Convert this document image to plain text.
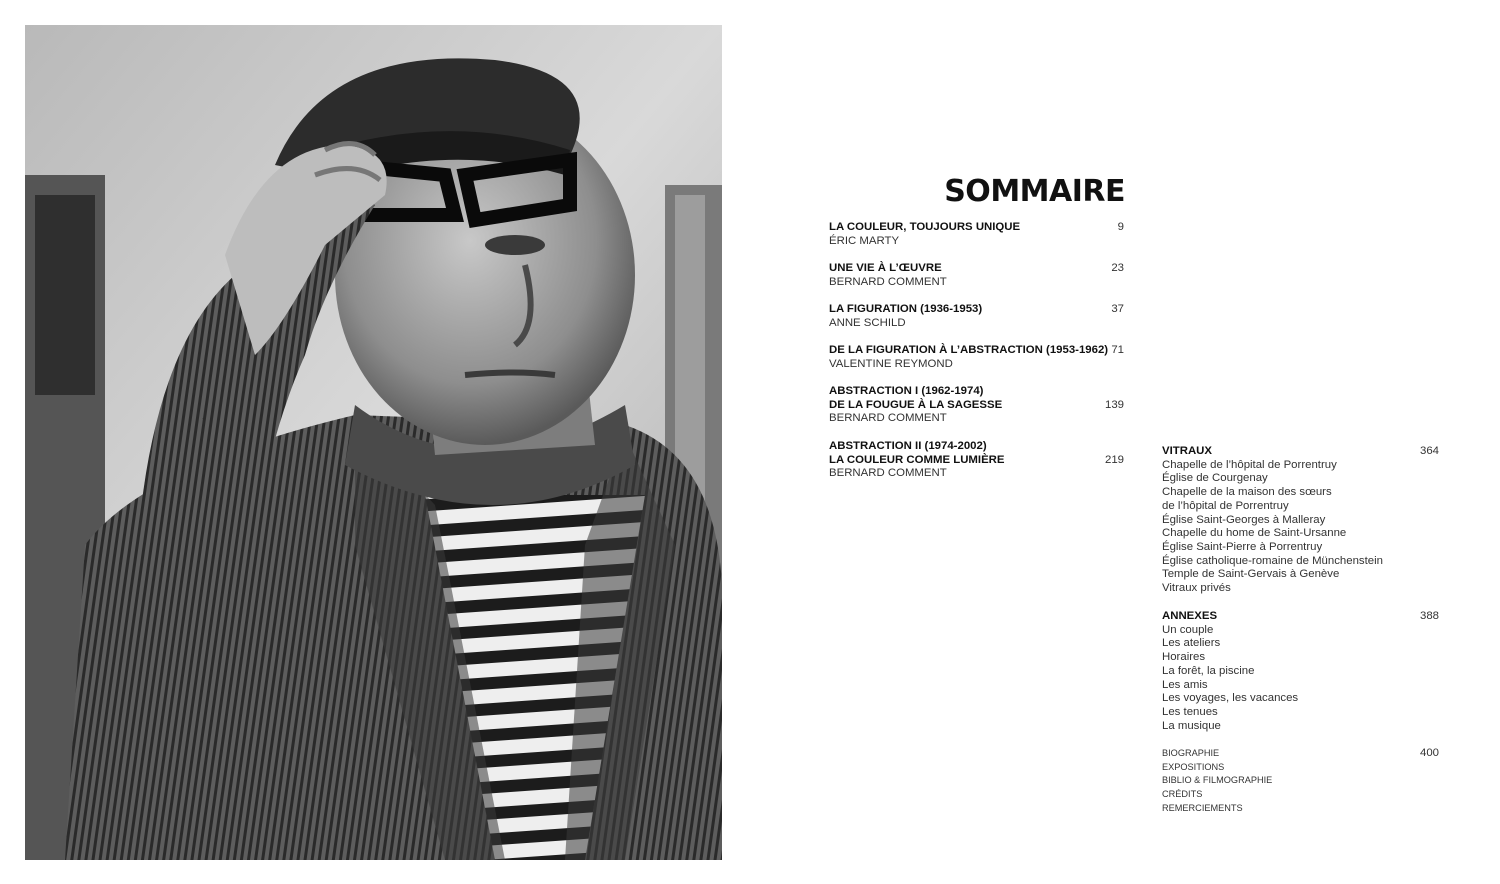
SOMMAIRE
LA COULEUR, TOUJOURS UNIQUE
ÉRIC MARTY
9
UNE VIE À L’ŒUVRE
BERNARD COMMENT
23
LA FIGURATION (1936-1953)
ANNE SCHILD
37
DE LA FIGURATION À L’ABSTRACTION (1953-1962)
VALENTINE REYMOND
71
ABSTRACTION I (1962-1974)
DE LA FOUGUE À LA SAGESSE
BERNARD COMMENT
139
ABSTRACTION II (1974-2002)
LA COULEUR COMME LUMIÈRE
BERNARD COMMENT
219
VITRAUX	364
Chapelle de l’hôpital de Porrentruy
Église de Courgenay
Chapelle de la maison des sœurs
de l’hôpital de Porrentruy
Église Saint-Georges à Malleray
Chapelle du home de Saint-Ursanne
Église Saint-Pierre à Porrentruy
Église catholique-romaine de Münchenstein
Temple de Saint-Gervais à Genève
Vitraux privés
ANNEXES	388
Un couple
Les ateliers
Horaires
La forêt, la piscine
Les amis
Les voyages, les vacances
Les tenues
La musique
400
BIOGRAPHIE
EXPOSITIONS
BIBLIO & FILMOGRAPHIE
CRÉDITS
REMERCIEMENTS
